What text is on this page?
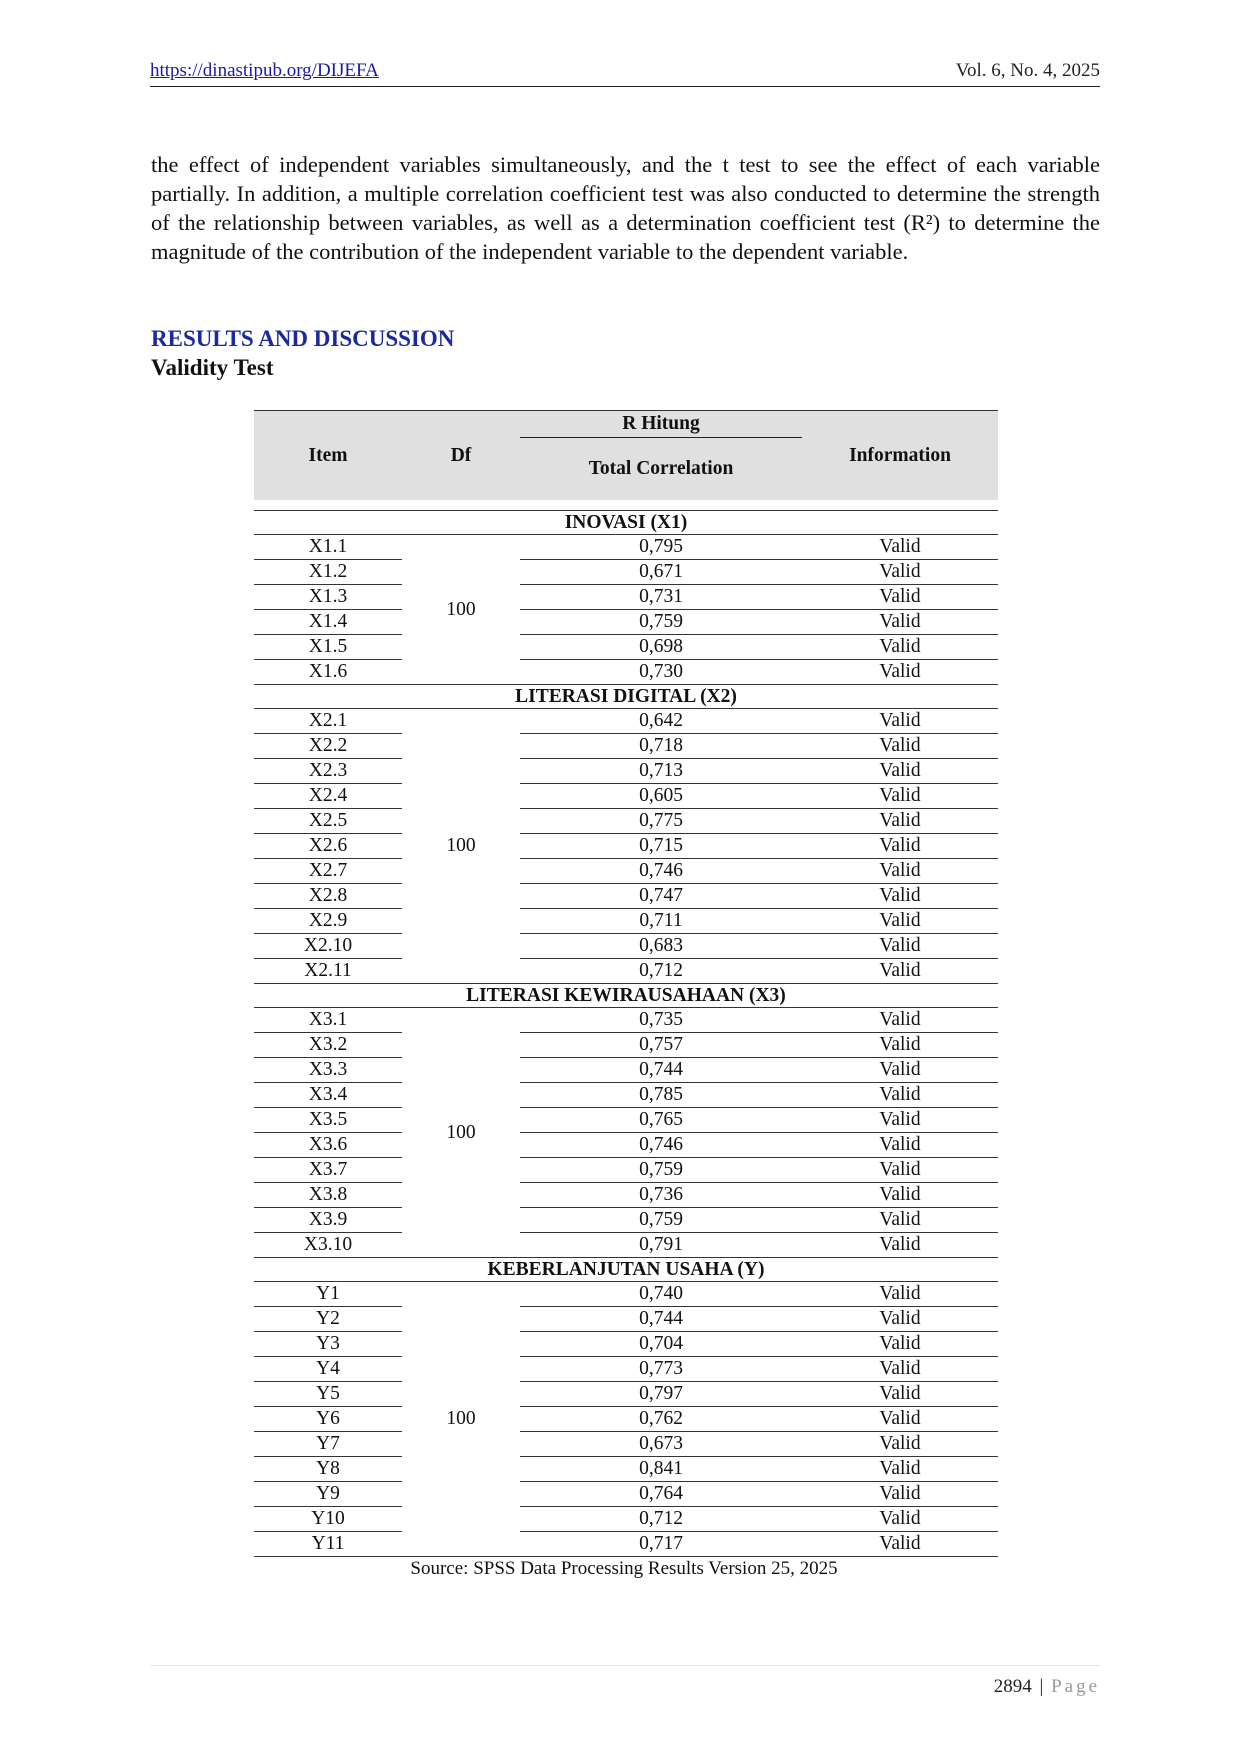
https://dinastipub.org/DIJEFA	Vol. 6, No. 4, 2025

the effect of independent variables simultaneously, and the t test to see the effect of each variable partially. In addition, a multiple correlation coefficient test was also conducted to determine the strength of the relationship between variables, as well as a determination coefficient test (R²) to determine the magnitude of the contribution of the independent variable to the dependent variable.

RESULTS AND DISCUSSION
Validity Test
Item	Df	R Hitung	Information
		Total Correlation	

INOVASI (X1)			
X1.1	100	0,795	Valid
X1.2		0,671	Valid
X1.3		0,731	Valid
X1.4		0,759	Valid
X1.5		0,698	Valid
X1.6		0,730	Valid
LITERASI DIGITAL (X2)			
X2.1	100	0,642	Valid
X2.2		0,718	Valid
X2.3		0,713	Valid
X2.4		0,605	Valid
X2.5		0,775	Valid
X2.6		0,715	Valid
X2.7		0,746	Valid
X2.8		0,747	Valid
X2.9		0,711	Valid
X2.10		0,683	Valid
X2.11		0,712	Valid
LITERASI KEWIRAUSAHAAN (X3)			
X3.1	100	0,735	Valid
X3.2		0,757	Valid
X3.3		0,744	Valid
X3.4		0,785	Valid
X3.5		0,765	Valid
X3.6		0,746	Valid
X3.7		0,759	Valid
X3.8		0,736	Valid
X3.9		0,759	Valid
X3.10		0,791	Valid
KEBERLANJUTAN USAHA (Y)			
Y1	100	0,740	Valid
Y2		0,744	Valid
Y3		0,704	Valid
Y4		0,773	Valid
Y5		0,797	Valid
Y6		0,762	Valid
Y7		0,673	Valid
Y8		0,841	Valid
Y9		0,764	Valid
Y10		0,712	Valid
Y11		0,717	Valid

Source: SPSS Data Processing Results Version 25, 2025

2894 | Page
